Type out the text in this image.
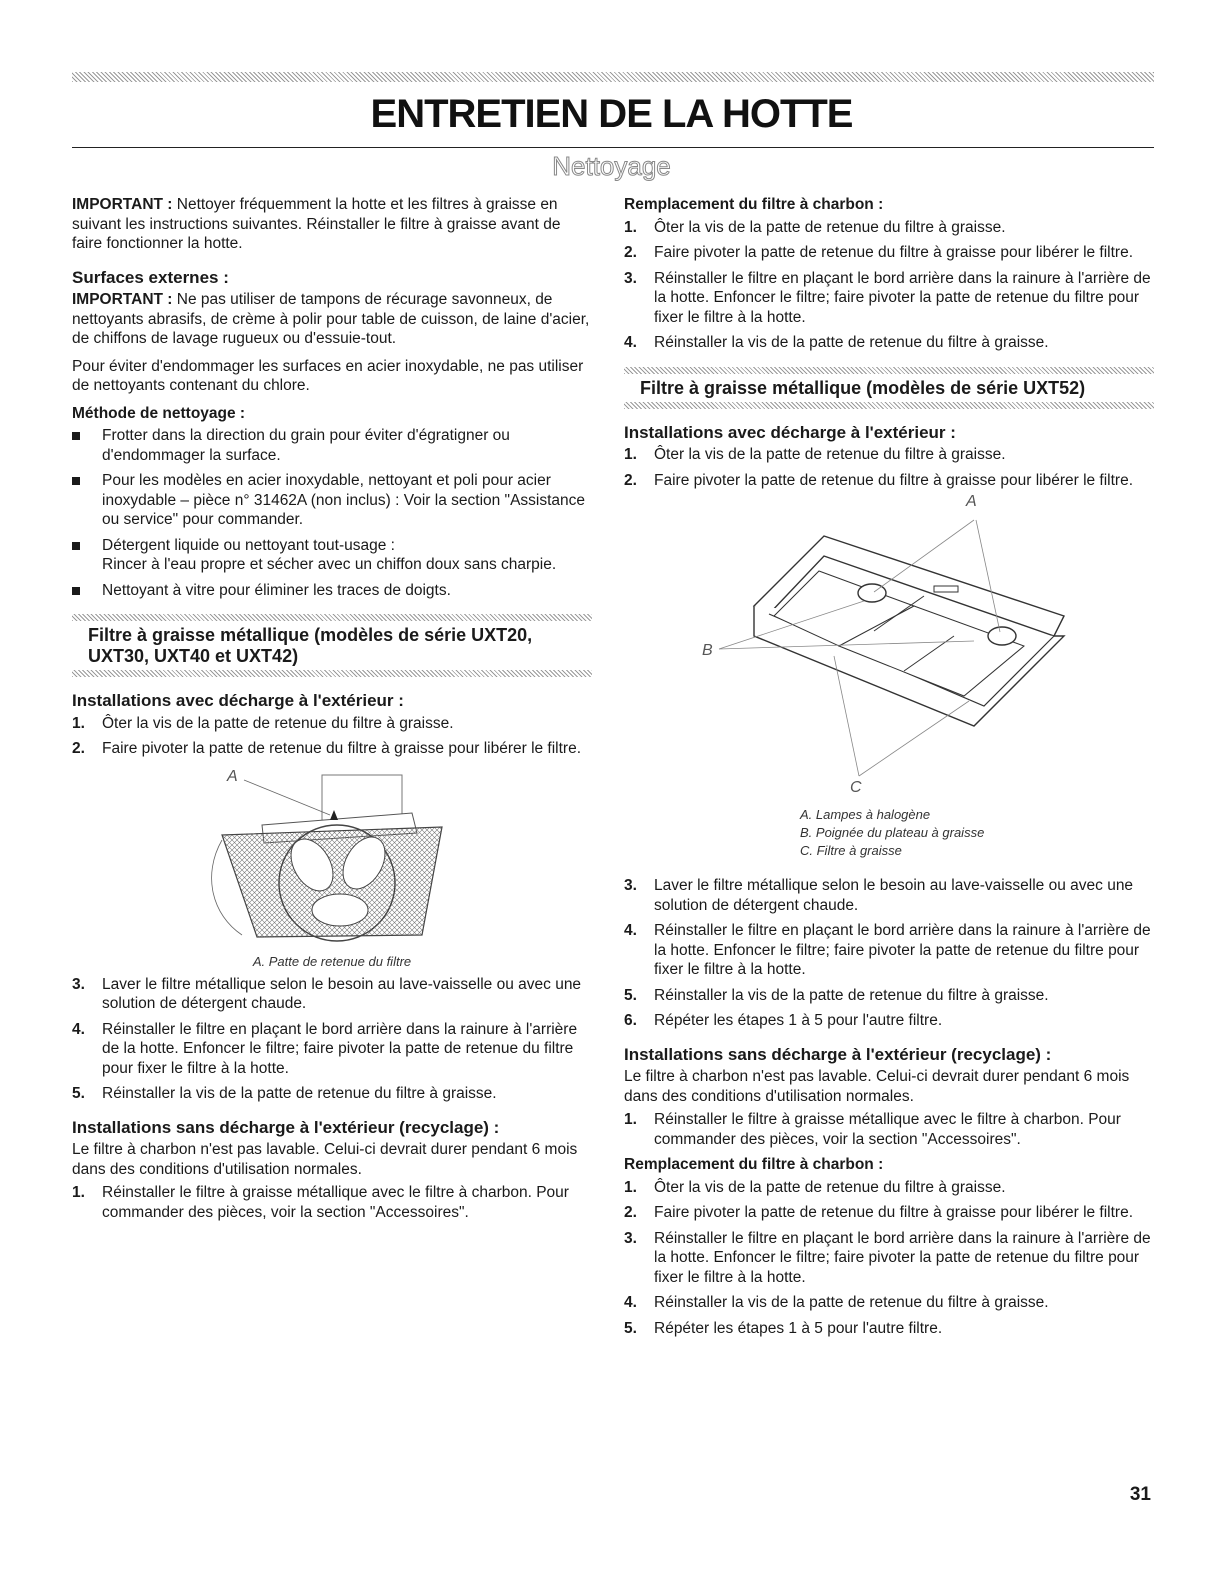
ENTRETIEN DE LA HOTTE
Nettoyage

IMPORTANT : Nettoyer fréquemment la hotte et les filtres à graisse en suivant les instructions suivantes. Réinstaller le filtre à graisse avant de faire fonctionner la hotte.

Surfaces externes :

IMPORTANT : Ne pas utiliser de tampons de récurage savonneux, de nettoyants abrasifs, de crème à polir pour table de cuisson, de laine d'acier, de chiffons de lavage rugueux ou d'essuie-tout.

Pour éviter d'endommager les surfaces en acier inoxydable, ne pas utiliser de nettoyants contenant du chlore.

Méthode de nettoyage :
Frotter dans la direction du grain pour éviter d'égratigner ou d'endommager la surface.
Pour les modèles en acier inoxydable, nettoyant et poli pour acier inoxydable – pièce n° 31462A (non inclus) : Voir la section "Assistance ou service" pour commander.
Détergent liquide ou nettoyant tout-usage :
Rincer à l'eau propre et sécher avec un chiffon doux sans charpie.
Nettoyant à vitre pour éliminer les traces de doigts.
Filtre à graisse métallique (modèles de série UXT20, UXT30, UXT40 et UXT42)
Installations avec décharge à l'extérieur :
1. Ôter la vis de la patte de retenue du filtre à graisse.
2. Faire pivoter la patte de retenue du filtre à graisse pour libérer le filtre.
A
A. Patte de retenue du filtre
3. Laver le filtre métallique selon le besoin au lave-vaisselle ou avec une solution de détergent chaude.
4. Réinstaller le filtre en plaçant le bord arrière dans la rainure à l'arrière de la hotte. Enfoncer le filtre; faire pivoter la patte de retenue du filtre pour fixer le filtre à la hotte.
5. Réinstaller la vis de la patte de retenue du filtre à graisse.
Installations sans décharge à l'extérieur (recyclage) :

Le filtre à charbon n'est pas lavable. Celui-ci devrait durer pendant 6 mois dans des conditions d'utilisation normales.

1. Réinstaller le filtre à graisse métallique avec le filtre à charbon. Pour commander des pièces, voir la section "Accessoires".
Remplacement du filtre à charbon :
1. Ôter la vis de la patte de retenue du filtre à graisse.
2. Faire pivoter la patte de retenue du filtre à graisse pour libérer le filtre.
3. Réinstaller le filtre en plaçant le bord arrière dans la rainure à l'arrière de la hotte. Enfoncer le filtre; faire pivoter la patte de retenue du filtre pour fixer le filtre à la hotte.
4. Réinstaller la vis de la patte de retenue du filtre à graisse.
Filtre à graisse métallique (modèles de série UXT52)
Installations avec décharge à l'extérieur :
1. Ôter la vis de la patte de retenue du filtre à graisse.
2. Faire pivoter la patte de retenue du filtre à graisse pour libérer le filtre.
A
B
C
A. Lampes à halogène
B. Poignée du plateau à graisse
C. Filtre à graisse
3. Laver le filtre métallique selon le besoin au lave-vaisselle ou avec une solution de détergent chaude.
4. Réinstaller le filtre en plaçant le bord arrière dans la rainure à l'arrière de la hotte. Enfoncer le filtre; faire pivoter la patte de retenue du filtre pour fixer le filtre à la hotte.
5. Réinstaller la vis de la patte de retenue du filtre à graisse.
6. Répéter les étapes 1 à 5 pour l'autre filtre.
Installations sans décharge à l'extérieur (recyclage) :

Le filtre à charbon n'est pas lavable. Celui-ci devrait durer pendant 6 mois dans des conditions d'utilisation normales.

1. Réinstaller le filtre à graisse métallique avec le filtre à charbon. Pour commander des pièces, voir la section "Accessoires".
Remplacement du filtre à charbon :
1. Ôter la vis de la patte de retenue du filtre à graisse.
2. Faire pivoter la patte de retenue du filtre à graisse pour libérer le filtre.
3. Réinstaller le filtre en plaçant le bord arrière dans la rainure à l'arrière de la hotte. Enfoncer le filtre; faire pivoter la patte de retenue du filtre pour fixer le filtre à la hotte.
4. Réinstaller la vis de la patte de retenue du filtre à graisse.
5. Répéter les étapes 1 à 5 pour l'autre filtre.
31
